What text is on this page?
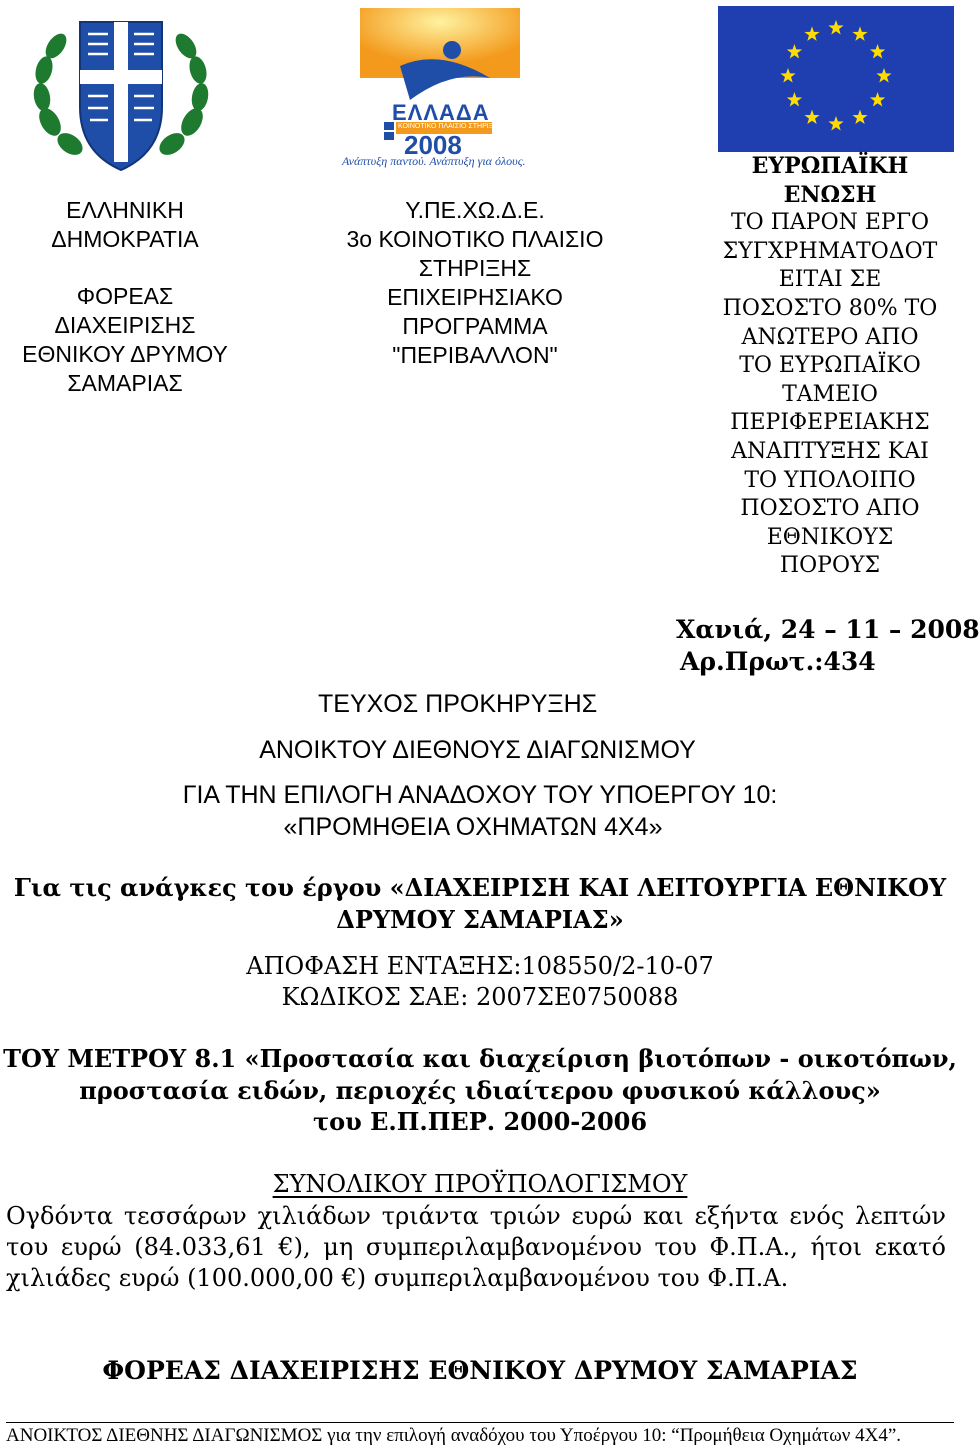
ΕΛΛΑΔΑ
ΚΟΙΝΟΤΙΚΟ ΠΛΑΙΣΙΟ ΣΤΗΡΙΞΗΣ
2008
Ανάπτυξη παντού. Ανάπτυξη για όλους.
ΕΛΛΗΝΙΚΗ
ΔΗΜΟΚΡΑΤΙΑ
ΦΟΡΕΑΣ
ΔΙΑΧΕΙΡΙΣΗΣ
ΕΘΝΙΚΟΥ ΔΡΥΜΟΥ
ΣΑΜΑΡΙΑΣ
Υ.ΠΕ.ΧΩ.Δ.Ε.
3ο ΚΟΙΝΟΤΙΚΟ ΠΛΑΙΣΙΟ
ΣΤΗΡΙΞΗΣ
ΕΠΙΧΕΙΡΗΣΙΑΚΟ
ΠΡΟΓΡΑΜΜΑ
"ΠΕΡΙΒΑΛΛΟΝ"
ΕΥΡΩΠΑΪΚΗ
ΕΝΩΣΗ
ΤΟ ΠΑΡΟΝ ΕΡΓΟ
ΣΥΓΧΡΗΜΑΤΟΔΟΤ
ΕΙΤΑΙ ΣΕ
ΠΟΣΟΣΤΟ 80% ΤΟ
ΑΝΩΤΕΡΟ ΑΠΟ
ΤΟ ΕΥΡΩΠΑΪΚΟ
ΤΑΜΕΙΟ
ΠΕΡΙΦΕΡΕΙΑΚΗΣ
ΑΝΑΠΤΥΞΗΣ ΚΑΙ
ΤΟ ΥΠΟΛΟΙΠΟ
ΠΟΣΟΣΤΟ ΑΠΟ
ΕΘΝΙΚΟΥΣ
ΠΟΡΟΥΣ
Χανιά, 24 – 11 – 2008
Αρ.Πρωτ.:434
ΤΕΥΧΟΣ ΠΡΟΚΗΡΥΞΗΣ
ΑΝΟΙΚΤΟΥ ΔΙΕΘΝΟΥΣ ΔΙΑΓΩΝΙΣΜΟΥ
ΓΙΑ ΤΗΝ ΕΠΙΛΟΓΗ ΑΝΑΔΟΧΟΥ ΤΟΥ ΥΠΟΕΡΓΟΥ 10:
«ΠΡΟΜΗΘΕΙΑ ΟΧΗΜΑΤΩΝ 4Χ4»
Για τις ανάγκες του έργου «ΔΙΑΧΕΙΡΙΣΗ ΚΑΙ ΛΕΙΤΟΥΡΓΙΑ ΕΘΝΙΚΟΥ
ΔΡΥΜΟΥ ΣΑΜΑΡΙΑΣ»
ΑΠΟΦΑΣΗ ΕΝΤΑΞΗΣ:108550/2-10-07
ΚΩΔΙΚΟΣ ΣΑΕ: 2007ΣΕ0750088
ΤΟΥ ΜΕΤΡΟΥ 8.1 «Προστασία και διαχείριση βιοτόπων - οικοτόπων,
προστασία ειδών, περιοχές ιδιαίτερου φυσικού κάλλους»
του Ε.Π.ΠΕΡ. 2000-2006
ΣΥΝΟΛΙΚΟΥ ΠΡΟΫΠΟΛΟΓΙΣΜΟΥ
Ογδόντα τεσσάρων χιλιάδων τριάντα τριών ευρώ και εξήντα ενός λεπτών του ευρώ (84.033,61 €), μη συμπεριλαμβανομένου του Φ.Π.Α., ήτοι εκατό χιλιάδες ευρώ (100.000,00 €) συμπεριλαμβανομένου του Φ.Π.Α.
ΦΟΡΕΑΣ ΔΙΑΧΕΙΡΙΣΗΣ ΕΘΝΙΚΟΥ ΔΡΥΜΟΥ ΣΑΜΑΡΙΑΣ
ΑΝΟΙΚΤΟΣ ΔΙΕΘΝΗΣ ΔΙΑΓΩΝΙΣΜΟΣ για την επιλογή αναδόχου του Υποέργου 10: “Προμήθεια Οχημάτων 4Χ4”.
